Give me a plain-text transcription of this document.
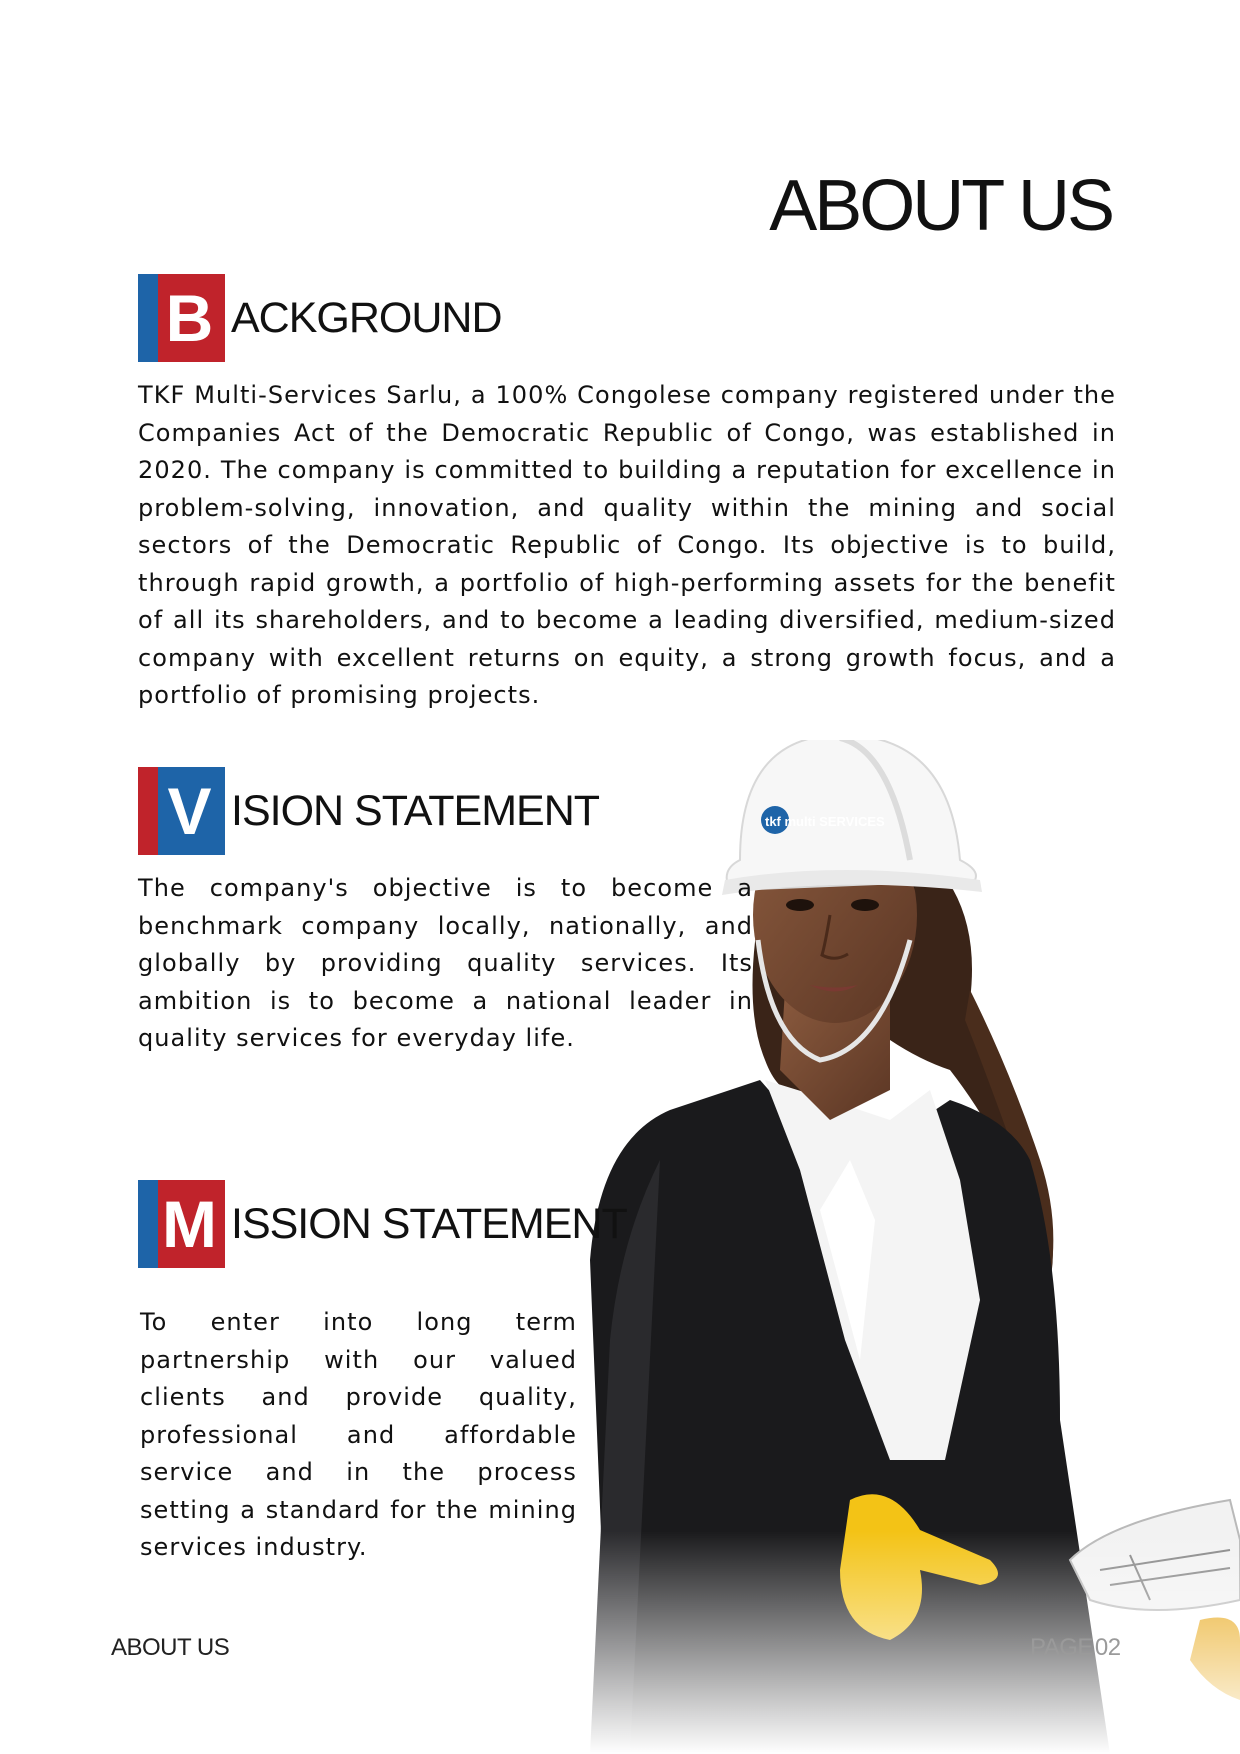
ABOUT US
B ACKGROUND

TKF Multi-Services Sarlu, a 100% Congolese company registered under the Companies Act of the Democratic Republic of Congo, was established in 2020. The company is committed to building a reputation for excellence in problem-solving, innovation, and quality within the mining and social sectors of the Democratic Republic of Congo. Its objective is to build, through rapid growth, a portfolio of high-performing assets for the benefit of all its shareholders, and to become a leading diversified, medium-sized company with excellent returns on equity, a strong growth focus, and a portfolio of promising projects.

V ISION STATEMENT

The company's objective is to become a benchmark company locally, nationally, and globally by providing quality services. Its ambition is to become a national leader in quality services for everyday life.

M ISSION STATEMENT

To enter into long term partnership with our valued clients and provide quality, professional and affordable service and in the process setting a standard for the mining services industry.

ABOUT US	PAGE 02
